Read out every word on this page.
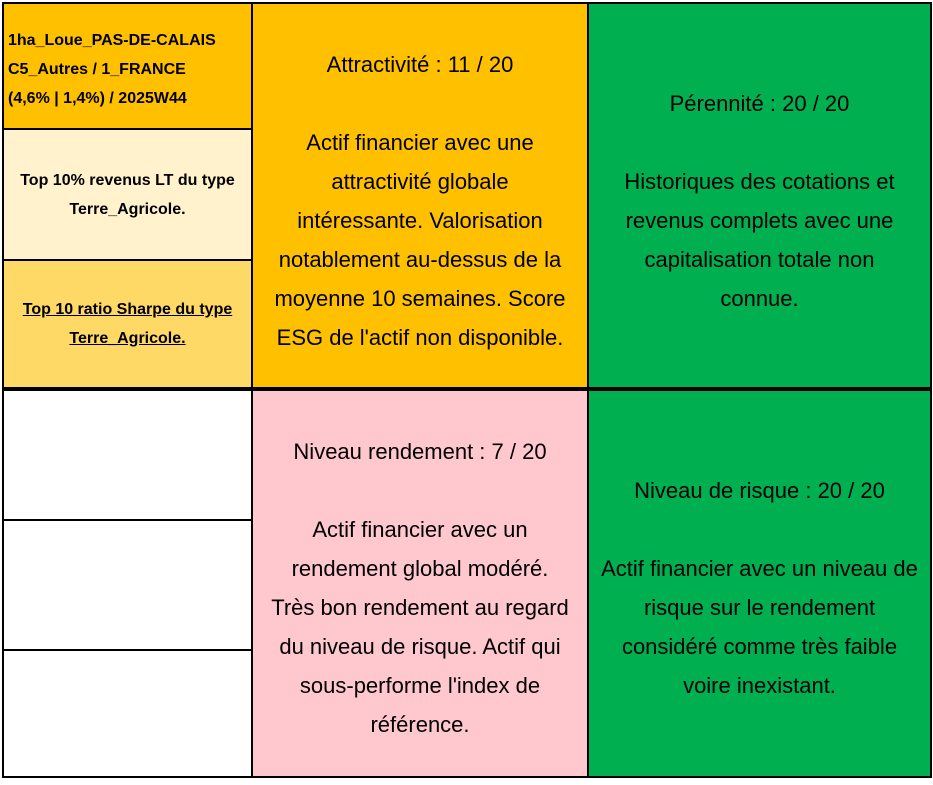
1ha_Loue_PAS-DE-CALAIS
C5_Autres / 1_FRANCE
(4,6% | 1,4%) / 2025W44
Top 10% revenus LT du type
Terre_Agricole.
Top 10 ratio Sharpe du type
Terre_Agricole.
Attractivité : 11 / 20
Actif financier avec une
attractivité globale
intéressante. Valorisation
notablement au-dessus de la
moyenne 10 semaines. Score
ESG de l'actif non disponible.
Pérennité : 20 / 20
Historiques des cotations et
revenus complets avec une
capitalisation totale non
connue.
Niveau rendement : 7 / 20
Actif financier avec un
rendement global modéré.
Très bon rendement au regard
du niveau de risque. Actif qui
sous-performe l'index de
référence.
Niveau de risque : 20 / 20
Actif financier avec un niveau de
risque sur le rendement
considéré comme très faible
voire inexistant.
